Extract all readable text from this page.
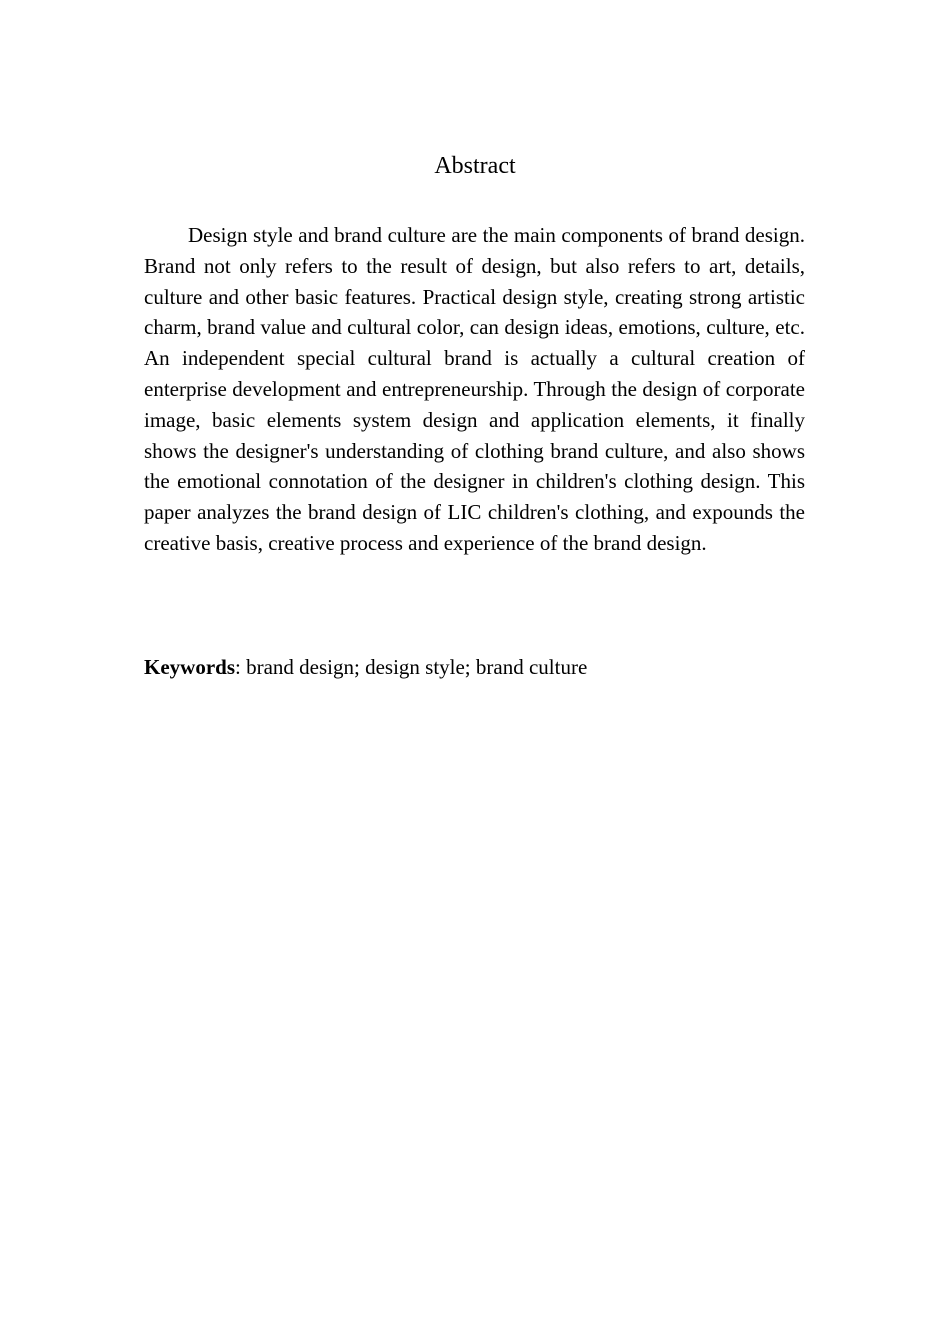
Abstract

Design style and brand culture are the main components of brand design. Brand not only refers to the result of design, but also refers to art, details, culture and other basic features. Practical design style, creating strong artistic charm, brand value and cultural color, can design ideas, emotions, culture, etc. An independent special cultural brand is actually a cultural creation of enterprise development and entrepreneurship. Through the design of corporate image, basic elements system design and application elements, it finally shows the designer's understanding of clothing brand culture, and also shows the emotional connotation of the designer in children's clothing design. This paper analyzes the brand design of LIC children's clothing, and expounds the creative basis, creative process and experience of the brand design.

Keywords: brand design; design style; brand culture
